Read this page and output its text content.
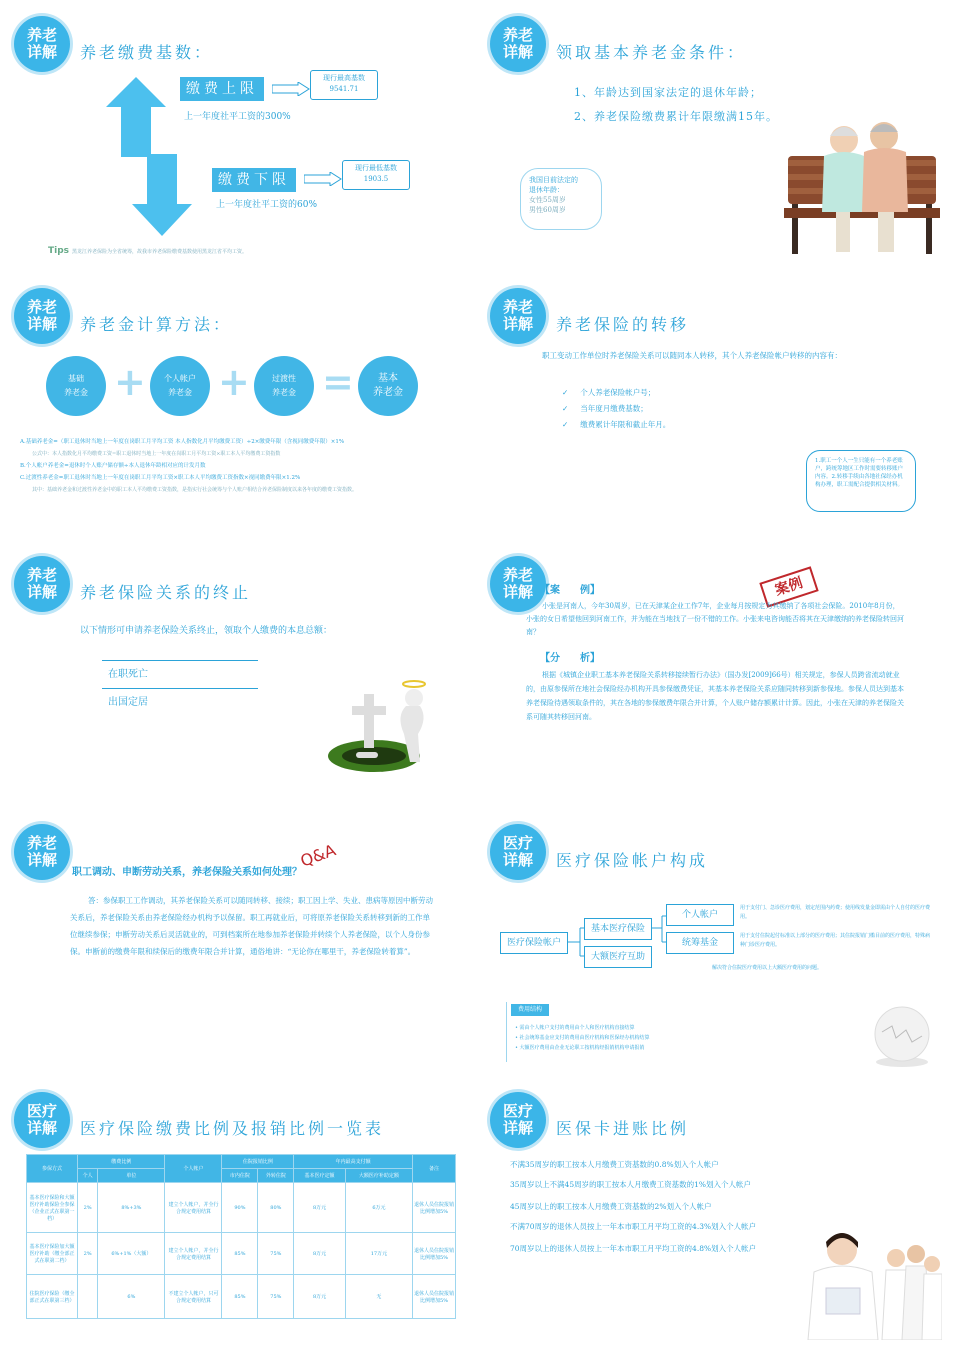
养老
详解	养老缴费基数：
缴费上限
现行最高基数
9541.71
上一年度社平工资的300%
缴费下限
现行最低基数
1903.5
上一年度社平工资的60%
Tips 黑龙江养老保险为全省统筹，故我市养老保险缴费基数使用黑龙江省平均工资。
养老
详解	领取基本养老金条件：
1、年龄达到国家法定的退休年龄；
2、养老保险缴费累计年限缴满15年。
我国目前法定的
退休年龄：
女性55周岁
男性60周岁
养老
详解	养老金计算方法：
基础
养老金 + 个人帐户
养老金 +	过渡性
养老金 = 基本
养老金
A.基础养老金=（职工退休时当地上一年度在岗职工月平均工资 本人指数化月平均缴费工资）÷2×缴费年限（含视同缴费年限）×1%
公式中：本人指数化月平均缴费工资=职工退休时当地上一年度在岗职工月平均工资×职工本人平均缴费工资指数
B.个人帐户养老金=退休时个人账户储存额÷本人退休年龄相对应的计发月数
C.过渡性养老金=职工退休时当地上一年度在岗职工月平均工资×职工本人平均缴费工资指数×视同缴费年限×1.2%
其中：基础养老金和过渡性养老金中的职工本人平均缴费工资指数，是指实行社会统筹与个人账户相结合养老保险制度以来各年度的缴费工资指数。
养老
详解	养老保险的转移
职工变动工作单位时养老保险关系可以随同本人转移，其个人养老保险帐户转移的内容有：
✓ 个人养老保险帐户号；
✓ 当年度月缴费基数；
✓ 缴费累计年限和截止年月。
1.职工一个人一生只能有一个养老账户，跨统筹地区工作时需要转移账户内容。2.转移手续由各地社保经办机构办理，职工需配合提供相关材料。
养老
详解	养老保险关系的终止
以下情形可申请养老保险关系终止，领取个人缴费的本息总额：
在职死亡
出国定居
养老
详解 【案　　例】	案例
小张是河南人，今年30周岁，已在天津某企业工作7年，企业每月按规定为其缴纳了各项社会保险。2010年8月份，小张的女日希望他回到河南工作，并为能在当地找了一份不错的工作。小张来电咨询能否将其在天津缴纳的养老保险转回河南？
【分　　析】
根据《城镇企业职工基本养老保险关系转移接续暂行办法》（国办发[2009]66号）相关规定，参保人员跨省流动就业的，由原参保所在地社会保险经办机构开具参保缴费凭证，其基本养老保险关系应随同转移到新参保地。参保人员达到基本养老保险待遇领取条件的，其在各地的参保缴费年限合并计算，个人账户储存额累计计算。因此，小张在天津的养老保险关系可随其转移回河南。
养老
详解	Q&A
职工调动、申断劳动关系，养老保险关系如何处理？
答：参保职工工作调动，其养老保险关系可以随同转移、接续；职工因上学、失业、患病等原因中断劳动关系后，养老保险关系由养老保险经办机构予以保留。职工再就业后，可将原养老保险关系转移到新的工作单位继续参保；申断劳动关系后灵活就业的，可到档案所在地参加养老保险并转续个人养老保险，以个人身份参保。申断前的缴费年限和续保后的缴费年限合并计算，通俗地讲：“无论你在哪里干，养老保险转着算”。
医疗
详解	医疗保险帐户构成
医疗保险帐户
基本医疗保险
大额医疗互助
个人帐户
统筹基金
用于支付门、急诊医疗费用，划定范围内药费；使用线发量金即需由个人自付的医疗费用。
用于支付住院起付标准以上部分的医疗费用；其住院报销门槛目前的医疗费用，特殊病种门诊医疗费用。
解决符合住院医疗费用以上大额医疗费用的问题。
费用结构
• 需由个人帐户支付的费用由个人和医疗机构直接结算
• 社会统筹基金应支付的费用由医疗机构和医保经办机构结算
• 大额医疗费用由企业无论职工按机构经报销机构申请报销
医疗
详解	医疗保险缴费比例及报销比例一览表
参保方式	缴费比例		个人帐户	住院报销比例		年内最高支付额		备注
	个人	单位		市内住院	外转住院	基本医疗定额	大额医疗补助定额	
基本医疗保险和大额医疗补助保险全参保（企业正式在职第一档）	2%	8%+3%	建立个人帐户，并全行合规定费用结算	90%	80%	8万元	6万元	退休人员住院报销比例增加5%
基本医疗保险加大额医疗补助（缴全部正式在职第二档）	2%	6%+1%（大额）	建立个人帐户，并全行合规定费用结算	85%	75%	8万元	17万元	退休人员住院报销比例增加5%
住院医疗保险（缴全部正式在职第三档）		6%	不建立个人帐户，只可合规定费用结算	85%	75%	8万元	无	退休人员住院报销比例增加5%
医疗
详解	医保卡进账比例
不满35周岁的职工按本人月缴费工资基数的0.8%划入个人帐户
35周岁以上不满45周岁的职工按本人月缴费工资基数的1%划入个人帐户
45周岁以上的职工按本人月缴费工资基数的2%划入个人帐户
不满70周岁的退休人员按上一年本市职工月平均工资的4.3%划入个人帐户
70周岁以上的退休人员按上一年本市职工月平均工资的4.8%划入个人帐户
